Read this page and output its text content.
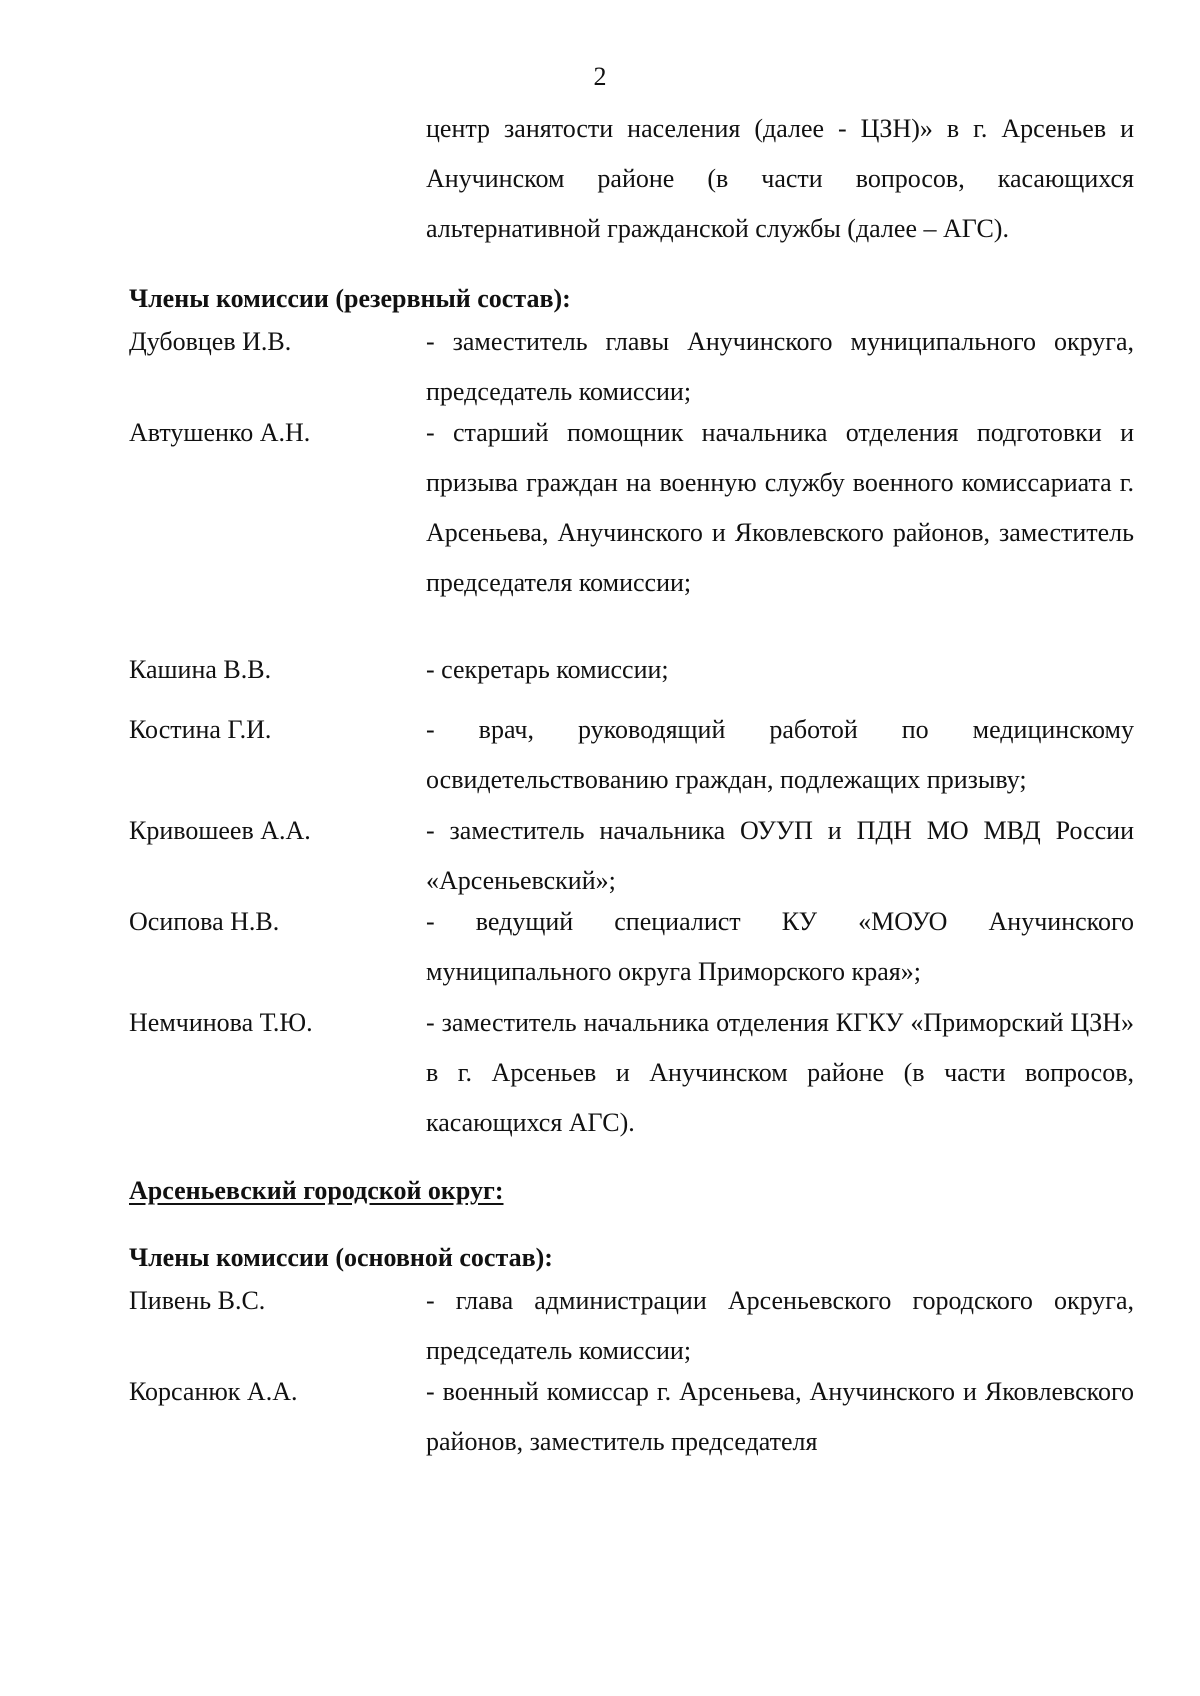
2
центр занятости населения (далее - ЦЗН)» в г. Арсеньев и Анучинском районе (в части вопросов, касающихся альтернативной гражданской службы (далее – АГС).
Члены комиссии (резервный состав):
Дубовцев И.В.	- заместитель главы Анучинского муниципального округа, председатель комиссии;
Автушенко А.Н.	- старший помощник начальника отделения подготовки и призыва граждан на военную службу военного комиссариата г. Арсеньева, Анучинского и Яковлевского районов, заместитель председателя комиссии;
Кашина В.В.	- секретарь комиссии;
Костина Г.И.	- врач, руководящий работой по медицинскому освидетельствованию граждан, подлежащих призыву;
Кривошеев А.А.	- заместитель начальника ОУУП и ПДН МО МВД России «Арсеньевский»;
Осипова Н.В.	- ведущий специалист КУ «МОУО Анучинского муниципального округа Приморского края»;
Немчинова Т.Ю.	- заместитель начальника отделения КГКУ «Приморский ЦЗН» в г. Арсеньев и Анучинском районе (в части вопросов, касающихся АГС).
Арсеньевский городской округ:
Члены комиссии (основной состав):
Пивень В.С.	- глава администрации Арсеньевского городского округа, председатель комиссии;
Корсанюк А.А.	- военный комиссар г. Арсеньева, Анучинского и Яковлевского районов, заместитель председателя
